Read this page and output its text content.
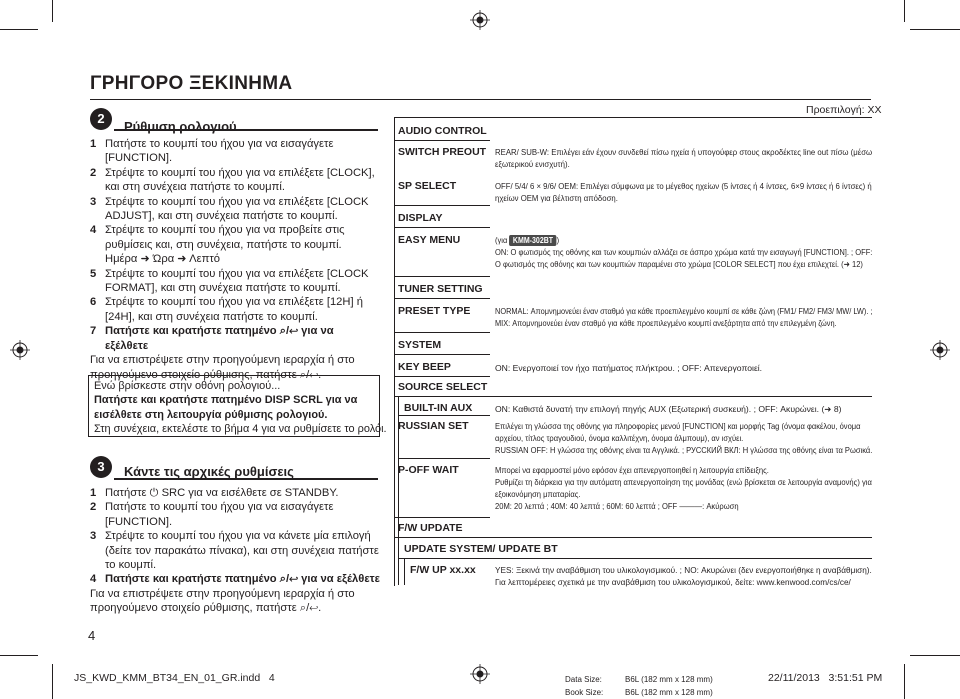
ΓΡΗΓΟΡΟ ΞΕΚΙΝΗΜΑ
2
Ρύθμιση ρολογιού
1 Πατήστε το κουμπί του ήχου για να εισαγάγετε
[FUNCTION].
2 Στρέψτε το κουμπί του ήχου για να επιλέξετε [CLOCK],
και στη συνέχεια πατήστε το κουμπί.
3 Στρέψτε το κουμπί του ήχου για να επιλέξετε [CLOCK
ADJUST], και στη συνέχεια πατήστε το κουμπί.
4 Στρέψτε το κουμπί του ήχου για να προβείτε στις
ρυθμίσεις και, στη συνέχεια, πατήστε το κουμπί.
Ημέρα ➜ Ώρα ➜ Λεπτό
5 Στρέψτε το κουμπί του ήχου για να επιλέξετε [CLOCK
FORMAT], και στη συνέχεια πατήστε το κουμπί.
6 Στρέψτε το κουμπί του ήχου για να επιλέξετε [12H] ή
[24H], και στη συνέχεια πατήστε το κουμπί.
7 Πατήστε και κρατήστε πατημένο ⌕/↩ για να
εξέλθετε
Για να επιστρέψετε στην προηγούμενη ιεραρχία ή στο
προηγούμενο στοιχείο ρύθμισης, πατήστε ⌕/↩.
Ενώ βρίσκεστε στην οθόνη ρολογιού...
Πατήστε και κρατήστε πατημένο DISP SCRL για να
εισέλθετε στη λειτουργία ρύθμισης ρολογιού.
Στη συνέχεια, εκτελέστε το βήμα 4 για να ρυθμίσετε το ρολόι.
3	Κάντε τις αρχικές ρυθμίσεις
1 Πατήστε ⏻ SRC για να εισέλθετε σε STANDBY.
2 Πατήστε το κουμπί του ήχου για να εισαγάγετε
[FUNCTION].
3 Στρέψτε το κουμπί του ήχου για να κάνετε μία επιλογή
(δείτε τον παρακάτω πίνακα), και στη συνέχεια πατήστε
το κουμπί.
4 Πατήστε και κρατήστε πατημένο ⌕/↩ για να εξέλθετε
Για να επιστρέψετε στην προηγούμενη ιεραρχία ή στο
προηγούμενο στοιχείο ρύθμισης, πατήστε ⌕/↩.
4
Προεπιλογή: XX
AUDIO CONTROL
SWITCH PREOUT REAR/ SUB-W: Επιλέγει εάν έχουν συνδεθεί πίσω ηχεία ή υπογούφερ στους ακροδέκτες line out πίσω (μέσω
εξωτερικού ενισχυτή).
SP SELECT	OFF/ 5/4/ 6 × 9/6/ OEM: Επιλέγει σύμφωνα με το μέγεθος ηχείων (5 ίντσες ή 4 ίντσες, 6×9 ίντσες ή 6 ίντσες) ή
ηχείων OEM για βέλτιστη απόδοση.
DISPLAY
EASY MENU	(για KMM-302BT )
ON: Ο φωτισμός της οθόνης και των κουμπιών αλλάζει σε άσπρο χρώμα κατά την εισαγωγή [FUNCTION]. ; OFF:
Ο φωτισμός της οθόνης και των κουμπιών παραμένει στο χρώμα [COLOR SELECT] που έχει επιλεχτεί. (➜ 12)
TUNER SETTING
PRESET TYPE	NORMAL: Απομνημονεύει έναν σταθμό για κάθε προεπιλεγμένο κουμπί σε κάθε ζώνη (FM1/ FM2/ FM3/ MW/ LW). ;
MIX: Απομνημονεύει έναν σταθμό για κάθε προεπιλεγμένο κουμπί ανεξάρτητα από την επιλεγμένη ζώνη.
SYSTEM
KEY BEEP	ON: Ενεργοποιεί τον ήχο πατήματος πλήκτρου. ; OFF: Απενεργοποιεί.
SOURCE SELECT
BUILT-IN AUX	ON: Καθιστά δυνατή την επιλογή πηγής AUX (Εξωτερική συσκευή). ; OFF: Ακυρώνει. (➜ 8)
RUSSIAN SET	Επιλέγει τη γλώσσα της οθόνης για πληροφορίες μενού [FUNCTION] και μορφής Tag (όνομα φακέλου, όνομα
αρχείου, τίτλος τραγουδιού, όνομα καλλιτέχνη, όνομα άλμπουμ), αν ισχύει.
RUSSIAN OFF: Η γλώσσα της οθόνης είναι τα Αγγλικά. ; РУССКИЙ ВКЛ: Η γλώσσα της οθόνης είναι τα Ρωσικά.
P-OFF WAIT	Μπορεί να εφαρμοστεί μόνο εφόσον έχει απενεργοποιηθεί η λειτουργία επίδειξης.
Ρυθμίζει τη διάρκεια για την αυτόματη απενεργοποίηση της μονάδας (ενώ βρίσκεται σε λειτουργία αναμονής) για
εξοικονόμηση μπαταρίας.
20M: 20 λεπτά ; 40M: 40 λεπτά ; 60M: 60 λεπτά ; OFF ———: Ακύρωση
F/W UPDATE
UPDATE SYSTEM/ UPDATE BT
F/W UP xx.xx YES: Ξεκινά την αναβάθμιση του υλικολογισμικού. ; NO: Ακυρώνει (δεν ενεργοποιήθηκε η αναβάθμιση).
Για λεπτομέρειες σχετικά με την αναβάθμιση του υλικολογισμικού, δείτε: www.kenwood.com/cs/ce/
JS_KWD_KMM_BT34_EN_01_GR.indd   4	Data Size:	B6L (182 mm x 128 mm)
Book Size:	B6L (182 mm x 128 mm)
22/11/2013   3:51:51 PM
